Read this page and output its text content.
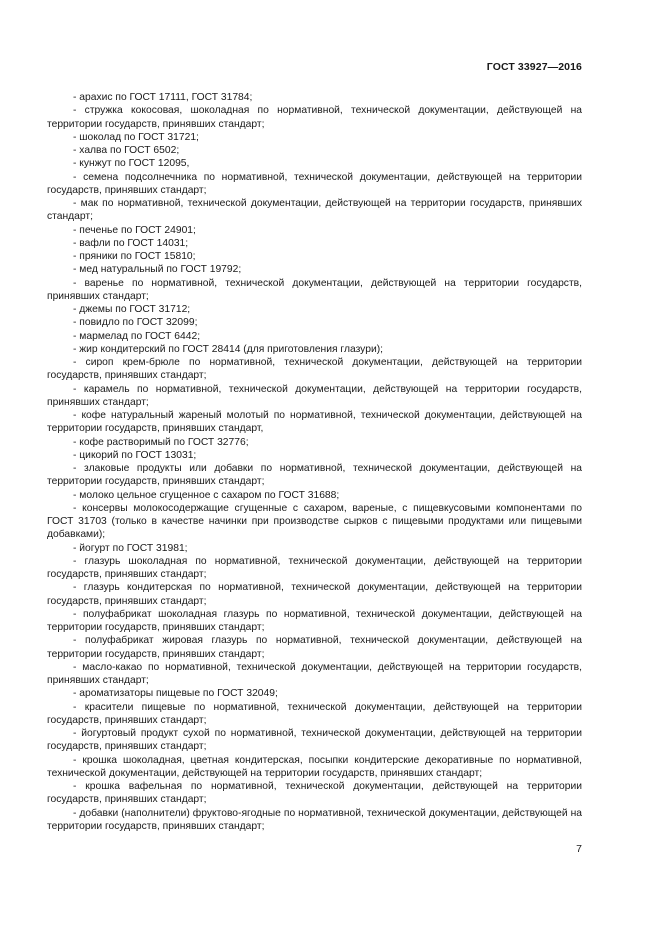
ГОСТ 33927—2016

- арахис по ГОСТ 17111, ГОСТ 31784;

- стружка кокосовая, шоколадная по нормативной, технической документации, действующей на территории государств, принявших стандарт;

- шоколад по ГОСТ 31721;

- халва по ГОСТ 6502;

- кунжут по ГОСТ 12095,

- семена подсолнечника по нормативной, технической документации, действующей на территории государств, принявших стандарт;

- мак по нормативной, технической документации, действующей на территории государств, принявших стандарт;

- печенье по ГОСТ 24901;

- вафли по ГОСТ 14031;

- пряники по ГОСТ 15810;

- мед натуральный по ГОСТ 19792;

- варенье по нормативной, технической документации, действующей на территории государств, принявших стандарт;

- джемы по ГОСТ 31712;

- повидло по ГОСТ 32099;

- мармелад по ГОСТ 6442;

- жир кондитерский по ГОСТ 28414 (для приготовления глазури);

- сироп крем-брюле по нормативной, технической документации, действующей на территории государств, принявших стандарт;

- карамель по нормативной, технической документации, действующей на территории государств, принявших стандарт;

- кофе натуральный жареный молотый по нормативной, технической документации, действующей на территории государств, принявших стандарт,

- кофе растворимый по ГОСТ 32776;

- цикорий по ГОСТ 13031;

- злаковые продукты или добавки по нормативной, технической документации, действующей на территории государств, принявших стандарт;

- молоко цельное сгущенное с сахаром по ГОСТ 31688;

- консервы молокосодержащие сгущенные с сахаром, вареные, с пищевкусовыми компонентами по ГОСТ 31703 (только в качестве начинки при производстве сырков с пищевыми продуктами или пищевыми добавками);

- йогурт по ГОСТ 31981;

- глазурь шоколадная по нормативной, технической документации, действующей на территории государств, принявших стандарт;

- глазурь кондитерская по нормативной, технической документации, действующей на территории государств, принявших стандарт;

- полуфабрикат шоколадная глазурь по нормативной, технической документации, действующей на территории государств, принявших стандарт;

- полуфабрикат жировая глазурь по нормативной, технической документации, действующей на территории государств, принявших стандарт;

- масло-какао по нормативной, технической документации, действующей на территории государств, принявших стандарт;

- ароматизаторы пищевые по ГОСТ 32049;

- красители пищевые по нормативной, технической документации, действующей на территории государств, принявших стандарт;

- йогуртовый продукт сухой по нормативной, технической документации, действующей на территории государств, принявших стандарт;

- крошка шоколадная, цветная кондитерская, посыпки кондитерские декоративные по нормативной, технической документации, действующей на территории государств, принявших стандарт;

- крошка вафельная по нормативной, технической документации, действующей на территории государств, принявших стандарт;

- добавки (наполнители) фруктово-ягодные по нормативной, технической документации, действующей на территории государств, принявших стандарт;

7
